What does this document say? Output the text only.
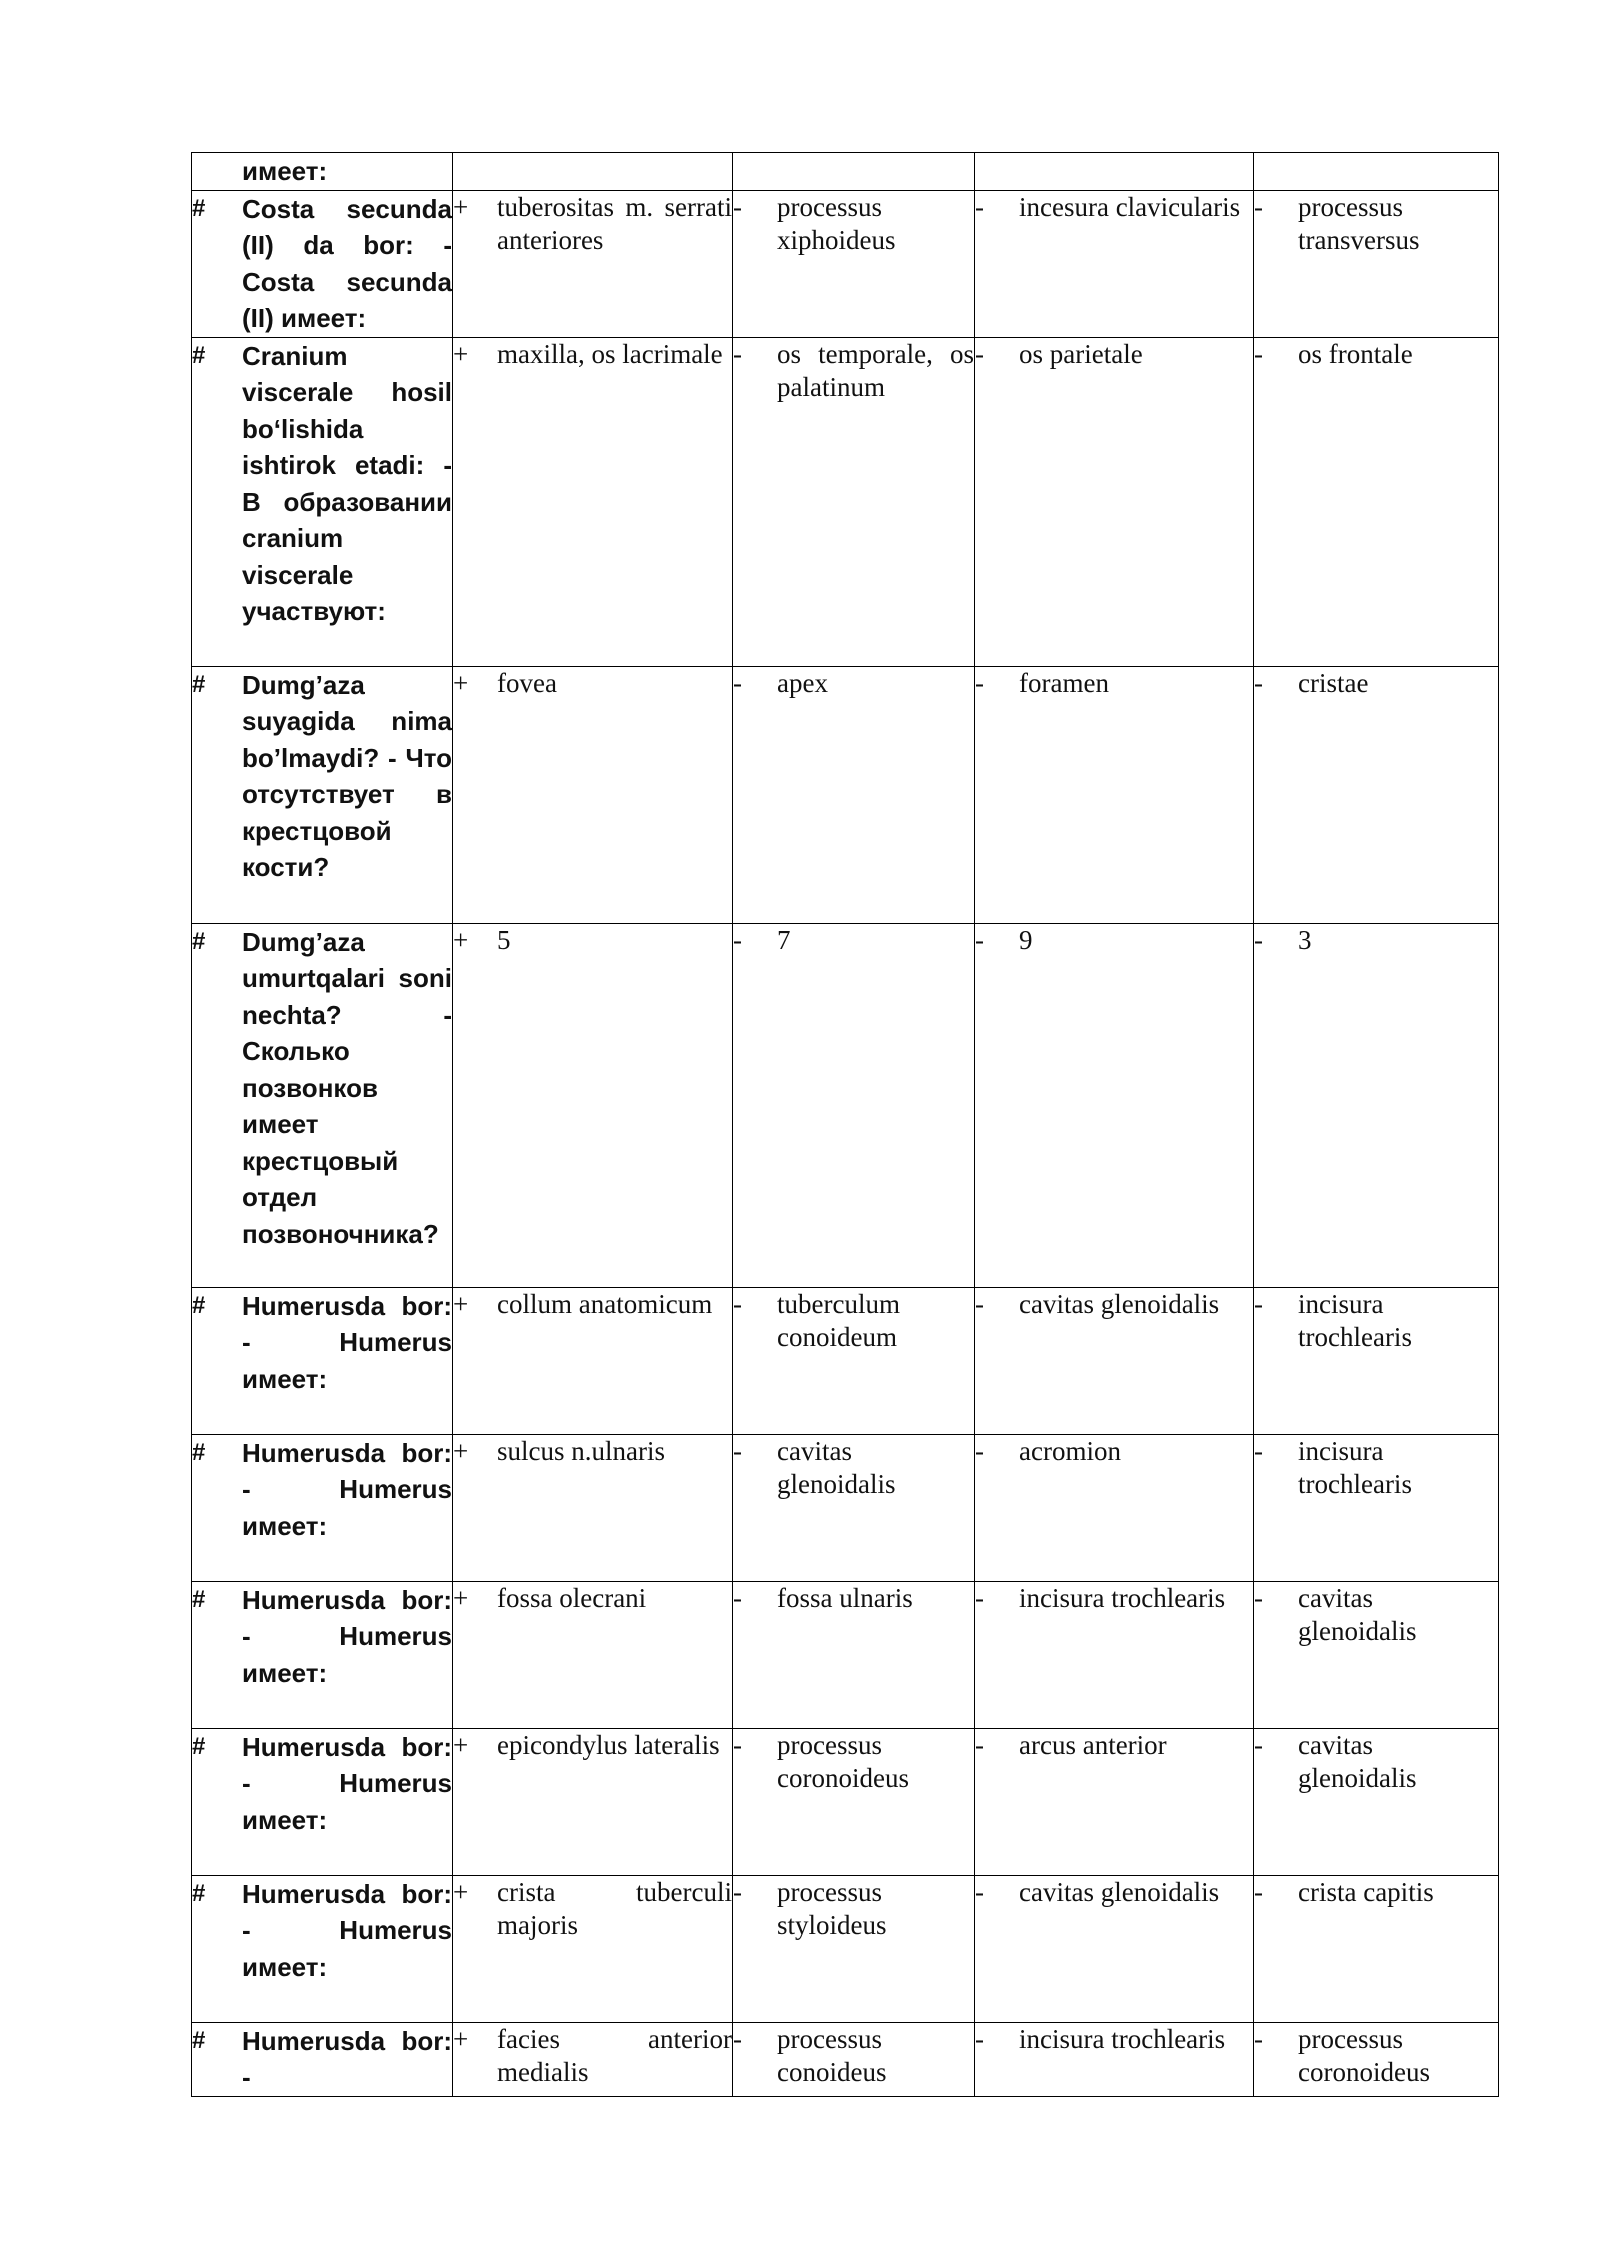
имеет:				

# Costa secunda (II) da bor: - Costa secunda (II) имеет:	+ tuberositas m. serrati anteriores	- processus xiphoideus	- incesura clavicularis	- processus transversus

# Cranium viscerale hosil bo‘lishida ishtirok etadi: - В образовании cranium viscerale участвуют:	+ maxilla, os lacrimale	- os temporale, os palatinum	- os parietale	- os frontale

# Dumg’aza suyagida nima bo’lmaydi? - Что отсутствует в крестцовой кости?	+ fovea	- apex	- foramen	- cristae

# Dumg’aza umurtqalari soni nechta? - Сколько позвонков имеет крестцовый отдел позвоночника?	+ 5	- 7	- 9	- 3

# Humerusda bor: - Humerus имеет:	+ collum anatomicum	- tuberculum conoideum	- cavitas glenoidalis	- incisura trochlearis

# Humerusda bor: - Humerus имеет:	+ sulcus n.ulnaris	- cavitas glenoidalis	- acromion	- incisura trochlearis

# Humerusda bor: - Humerus имеет:	+ fossa olecrani	- fossa ulnaris	- incisura trochlearis	- cavitas glenoidalis

# Humerusda bor: - Humerus имеет:	+ epicondylus lateralis	- processus coronoideus	- arcus anterior	- cavitas glenoidalis

# Humerusda bor: - Humerus имеет:	+ crista tuberculi majoris	- processus styloideus	- cavitas glenoidalis	- crista capitis

# Humerusda bor: -	+ facies anterior medialis	- processus conoideus	- incisura trochlearis	- processus coronoideus
